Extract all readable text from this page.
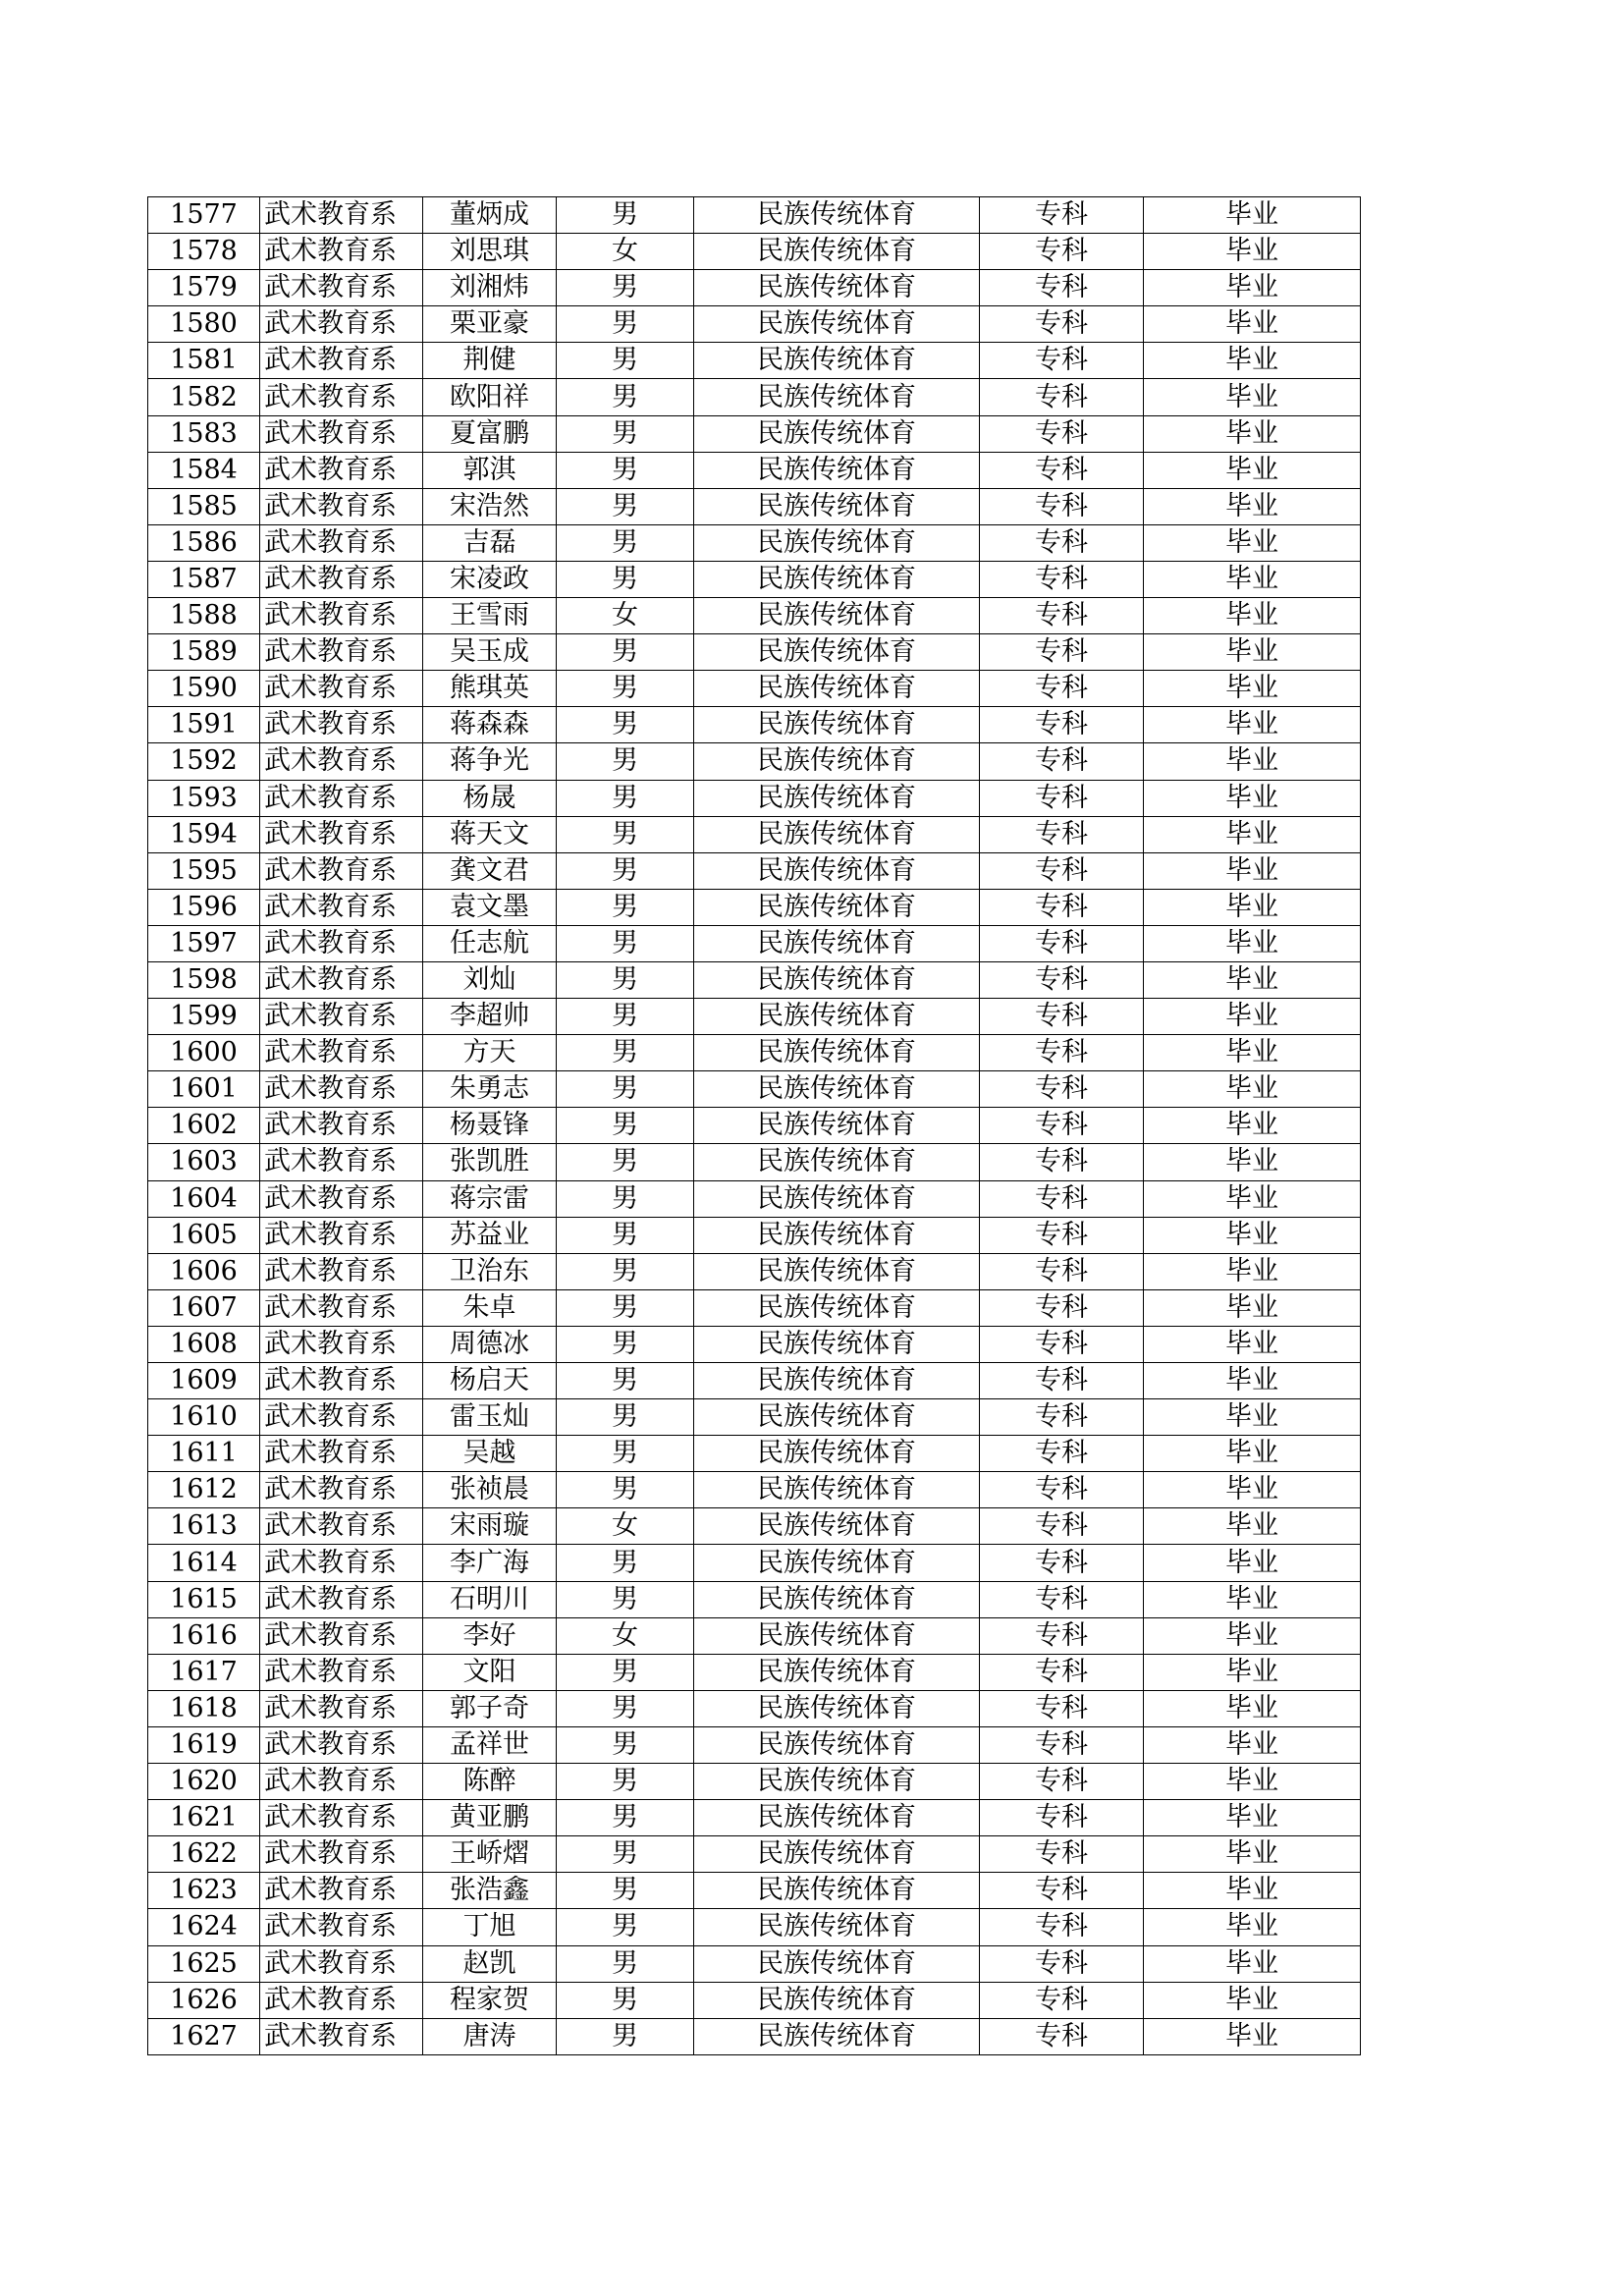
1577	武术教育系	董炳成	男	民族传统体育	专科	毕业
1578	武术教育系	刘思琪	女	民族传统体育	专科	毕业
1579	武术教育系	刘湘炜	男	民族传统体育	专科	毕业
1580	武术教育系	栗亚豪	男	民族传统体育	专科	毕业
1581	武术教育系	荆健	男	民族传统体育	专科	毕业
1582	武术教育系	欧阳祥	男	民族传统体育	专科	毕业
1583	武术教育系	夏富鹏	男	民族传统体育	专科	毕业
1584	武术教育系	郭淇	男	民族传统体育	专科	毕业
1585	武术教育系	宋浩然	男	民族传统体育	专科	毕业
1586	武术教育系	吉磊	男	民族传统体育	专科	毕业
1587	武术教育系	宋凌政	男	民族传统体育	专科	毕业
1588	武术教育系	王雪雨	女	民族传统体育	专科	毕业
1589	武术教育系	吴玉成	男	民族传统体育	专科	毕业
1590	武术教育系	熊琪英	男	民族传统体育	专科	毕业
1591	武术教育系	蒋森森	男	民族传统体育	专科	毕业
1592	武术教育系	蒋争光	男	民族传统体育	专科	毕业
1593	武术教育系	杨晟	男	民族传统体育	专科	毕业
1594	武术教育系	蒋天文	男	民族传统体育	专科	毕业
1595	武术教育系	龚文君	男	民族传统体育	专科	毕业
1596	武术教育系	袁文墨	男	民族传统体育	专科	毕业
1597	武术教育系	任志航	男	民族传统体育	专科	毕业
1598	武术教育系	刘灿	男	民族传统体育	专科	毕业
1599	武术教育系	李超帅	男	民族传统体育	专科	毕业
1600	武术教育系	方天	男	民族传统体育	专科	毕业
1601	武术教育系	朱勇志	男	民族传统体育	专科	毕业
1602	武术教育系	杨聂锋	男	民族传统体育	专科	毕业
1603	武术教育系	张凯胜	男	民族传统体育	专科	毕业
1604	武术教育系	蒋宗雷	男	民族传统体育	专科	毕业
1605	武术教育系	苏益业	男	民族传统体育	专科	毕业
1606	武术教育系	卫治东	男	民族传统体育	专科	毕业
1607	武术教育系	朱卓	男	民族传统体育	专科	毕业
1608	武术教育系	周德冰	男	民族传统体育	专科	毕业
1609	武术教育系	杨启天	男	民族传统体育	专科	毕业
1610	武术教育系	雷玉灿	男	民族传统体育	专科	毕业
1611	武术教育系	吴越	男	民族传统体育	专科	毕业
1612	武术教育系	张祯晨	男	民族传统体育	专科	毕业
1613	武术教育系	宋雨璇	女	民族传统体育	专科	毕业
1614	武术教育系	李广海	男	民族传统体育	专科	毕业
1615	武术教育系	石明川	男	民族传统体育	专科	毕业
1616	武术教育系	李好	女	民族传统体育	专科	毕业
1617	武术教育系	文阳	男	民族传统体育	专科	毕业
1618	武术教育系	郭子奇	男	民族传统体育	专科	毕业
1619	武术教育系	孟祥世	男	民族传统体育	专科	毕业
1620	武术教育系	陈醉	男	民族传统体育	专科	毕业
1621	武术教育系	黄亚鹏	男	民族传统体育	专科	毕业
1622	武术教育系	王峤熠	男	民族传统体育	专科	毕业
1623	武术教育系	张浩鑫	男	民族传统体育	专科	毕业
1624	武术教育系	丁旭	男	民族传统体育	专科	毕业
1625	武术教育系	赵凯	男	民族传统体育	专科	毕业
1626	武术教育系	程家贺	男	民族传统体育	专科	毕业
1627	武术教育系	唐涛	男	民族传统体育	专科	毕业
